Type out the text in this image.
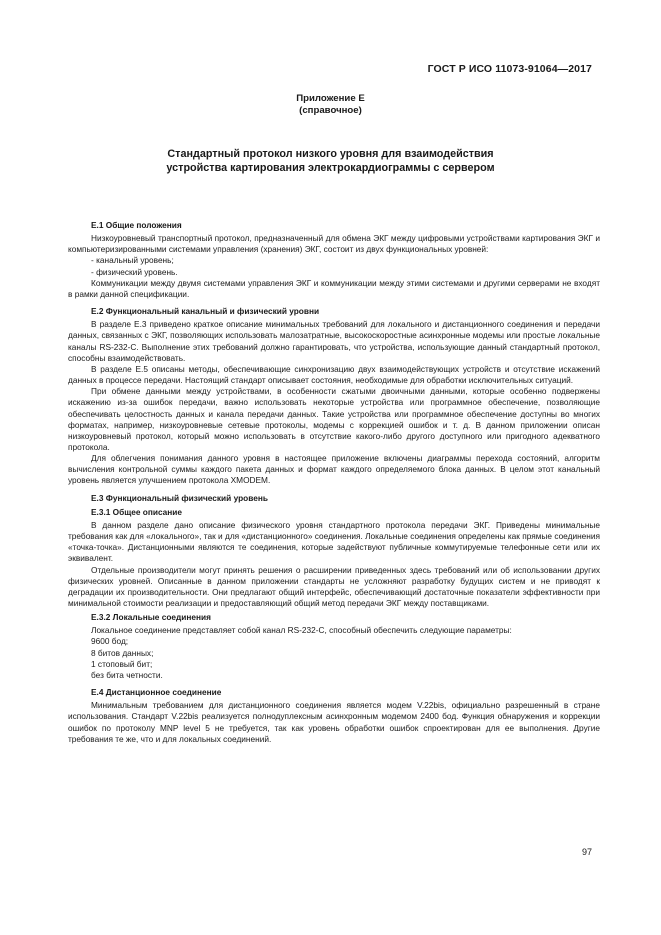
ГОСТ Р ИСО 11073-91064—2017
Приложение E
(справочное)
Стандартный протокол низкого уровня для взаимодействия
устройства картирования электрокардиограммы с сервером
E.1 Общие положения

Низкоуровневый транспортный протокол, предназначенный для обмена ЭКГ между цифровыми устройствами картирования ЭКГ и компьютеризированными системами управления (хранения) ЭКГ, состоит из двух функциональных уровней:

- канальный уровень;

- физический уровень.

Коммуникации между двумя системами управления ЭКГ и коммуникации между этими системами и другими серверами не входят в рамки данной спецификации.

E.2 Функциональный канальный и физический уровни

В разделе E.3 приведено краткое описание минимальных требований для локального и дистанционного соединения и передачи данных, связанных с ЭКГ, позволяющих использовать малозатратные, высокоскоростные асинхронные модемы или простые локальные каналы RS-232-C. Выполнение этих требований должно гарантировать, что устройства, использующие данный стандартный протокол, способны взаимодействовать.

В разделе E.5 описаны методы, обеспечивающие синхронизацию двух взаимодействующих устройств и отсутствие искажений данных в процессе передачи. Настоящий стандарт описывает состояния, необходимые для обработки исключительных ситуаций.

При обмене данными между устройствами, в особенности сжатыми двоичными данными, которые особенно подвержены искажению из-за ошибок передачи, важно использовать некоторые устройства или программное обеспечение, позволяющие обеспечивать целостность данных и канала передачи данных. Такие устройства или программное обеспечение доступны во многих форматах, например, низкоуровневые сетевые протоколы, модемы с коррекцией ошибок и т. д. В данном приложении описан низкоуровневый протокол, который можно использовать в отсутствие какого-либо другого доступного или пригодного адекватного протокола.

Для облегчения понимания данного уровня в настоящее приложение включены диаграммы перехода состояний, алгоритм вычисления контрольной суммы каждого пакета данных и формат каждого определяемого блока данных. В целом этот канальный уровень является улучшением протокола XMODEM.

E.3 Функциональный физический уровень
E.3.1 Общее описание

В данном разделе дано описание физического уровня стандартного протокола передачи ЭКГ. Приведены минимальные требования как для «локального», так и для «дистанционного» соединения. Локальные соединения определены как прямые соединения «точка-точка». Дистанционными являются те соединения, которые задействуют публичные коммутируемые телефонные сети или их эквивалент.

Отдельные производители могут принять решения о расширении приведенных здесь требований или об использовании других физических уровней. Описанные в данном приложении стандарты не усложняют разработку будущих систем и не приводят к деградации их производительности. Они предлагают общий интерфейс, обеспечивающий достаточные показатели эффективности при минимальной стоимости реализации и предоставляющий общий метод передачи ЭКГ между поставщиками.

E.3.2 Локальные соединения

Локальное соединение представляет собой канал RS-232-C, способный обеспечить следующие параметры:

9600 бод;

8 битов данных;

1 стоповый бит;

без бита четности.

E.4 Дистанционное соединение

Минимальным требованием для дистанционного соединения является модем V.22bis, официально разрешенный в стране использования. Стандарт V.22bis реализуется полнодуплексным асинхронным модемом 2400 бод. Функция обнаружения и коррекции ошибок по протоколу MNP level 5 не требуется, так как уровень обработки ошибок спроектирован для ее выполнения. Другие требования те же, что и для локальных соединений.

97
